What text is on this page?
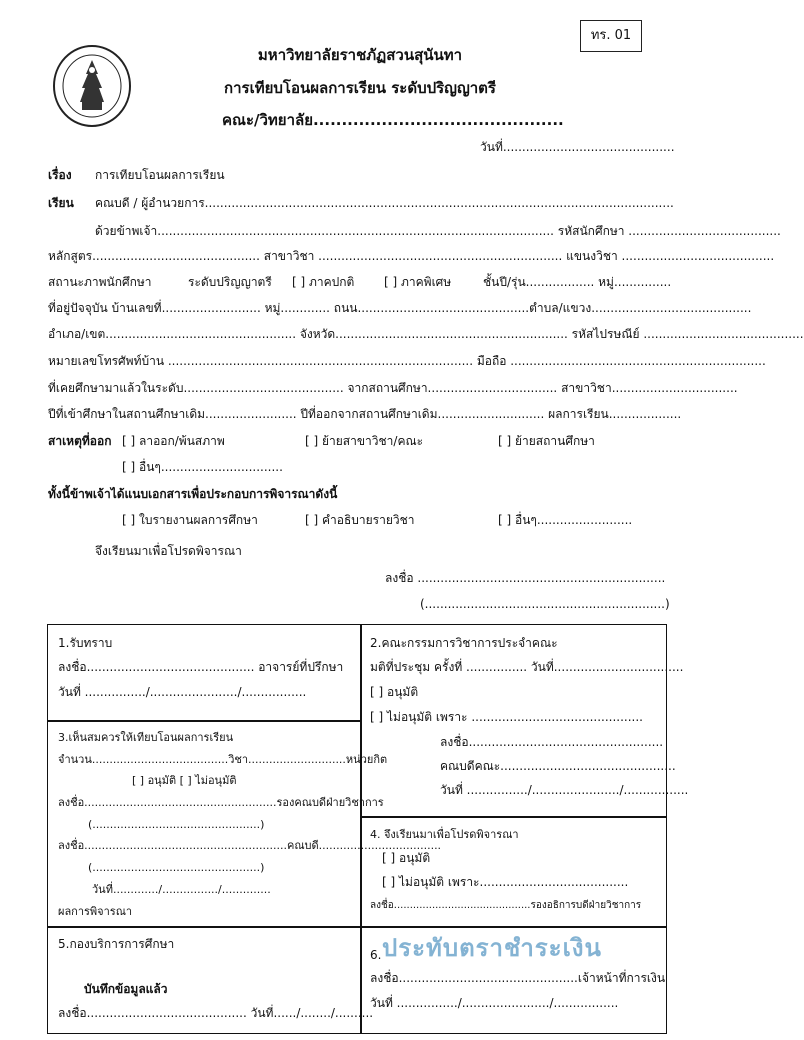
ทร. 01
มหาวิทยาลัยราชภัฏสวนสุนันทา
การเทียบโอนผลการเรียน ระดับปริญญาตรี
คณะ/วิทยาลัย............................................
วันที่.............................................
เรื่อง การเทียบโอนผลการเรียน
เรียน คณบดี / ผู้อำนวยการ...........................................................................................................................
ด้วยข้าพเจ้า........................................................................................................ รหัสนักศึกษา ........................................
หลักสูตร............................................ สาขาวิชา ................................................................ แขนงวิชา ........................................
สถานะภาพนักศึกษา	ระดับปริญญาตรี [ ] ภาคปกติ [ ] ภาคพิเศษ	ชั้นปี/รุ่น.................. หมู่...............
ที่อยู่ปัจจุบัน บ้านเลขที่.......................... หมู่............. ถนน.............................................ตำบล/แขวง..........................................
อำเภอ/เขต.................................................. จังหวัด............................................................. รหัสไปรษณีย์ ..........................................
หมายเลขโทรศัพท์บ้าน ................................................................................ มือถือ ...................................................................
ที่เคยศึกษามาแล้วในระดับ.......................................... จากสถานศึกษา.................................. สาขาวิชา.................................
ปีที่เข้าศึกษาในสถานศึกษาเดิม........................ ปีที่ออกจากสถานศึกษาเดิม............................ ผลการเรียน...................
สาเหตุที่ออก [ ] ลาออก/พ้นสภาพ	[ ] ย้ายสาขาวิชา/คณะ	[ ] ย้ายสถานศึกษา
[ ] อื่นๆ................................
ทั้งนี้ข้าพเจ้าได้แนบเอกสารเพื่อประกอบการพิจารณาดังนี้
[ ] ใบรายงานผลการศึกษา	[ ] คำอธิบายรายวิชา	[ ] อื่นๆ.........................
จึงเรียนมาเพื่อโปรดพิจารณา
ลงชื่อ .................................................................
(...............................................................)
1.รับทราบ
ลงชื่อ............................................ อาจารย์ที่ปรึกษา
วันที่ ................/......................./.................
2.คณะกรรมการวิชาการประจำคณะ
มติที่ประชุม ครั้งที่ ................ วันที่..................................
[ ] อนุมัติ
[ ] ไม่อนุมัติ เพราะ .............................................
ลงชื่อ...................................................
คณบดีคณะ..............................................
วันที่ ................/......................./.................
3.เห็นสมควรให้เทียบโอนผลการเรียน
จำนวน.......................................วิชา............................หน่วยกิต
[ ] อนุมัติ [ ] ไม่อนุมัติ
ลงชื่อ.......................................................รองคณบดีฝ่ายวิชาการ
(................................................)
ลงชื่อ..........................................................คณบดี...................................
(................................................)
วันที่............./................/..............
ผลการพิจารณา
4. จึงเรียนมาเพื่อโปรดพิจารณา
[ ] อนุมัติ
[ ] ไม่อนุมัติ เพราะ.......................................
ลงชื่อ...........................................รองอธิการบดีฝ่ายวิชาการ
5.กองบริการการศึกษา
บันทึกข้อมูลแล้ว
ลงชื่อ.......................................... วันที่....../......../..........
6. ประทับตราชำระเงิน
ลงชื่อ...............................................เจ้าหน้าที่การเงิน
วันที่ ................/......................./.................
